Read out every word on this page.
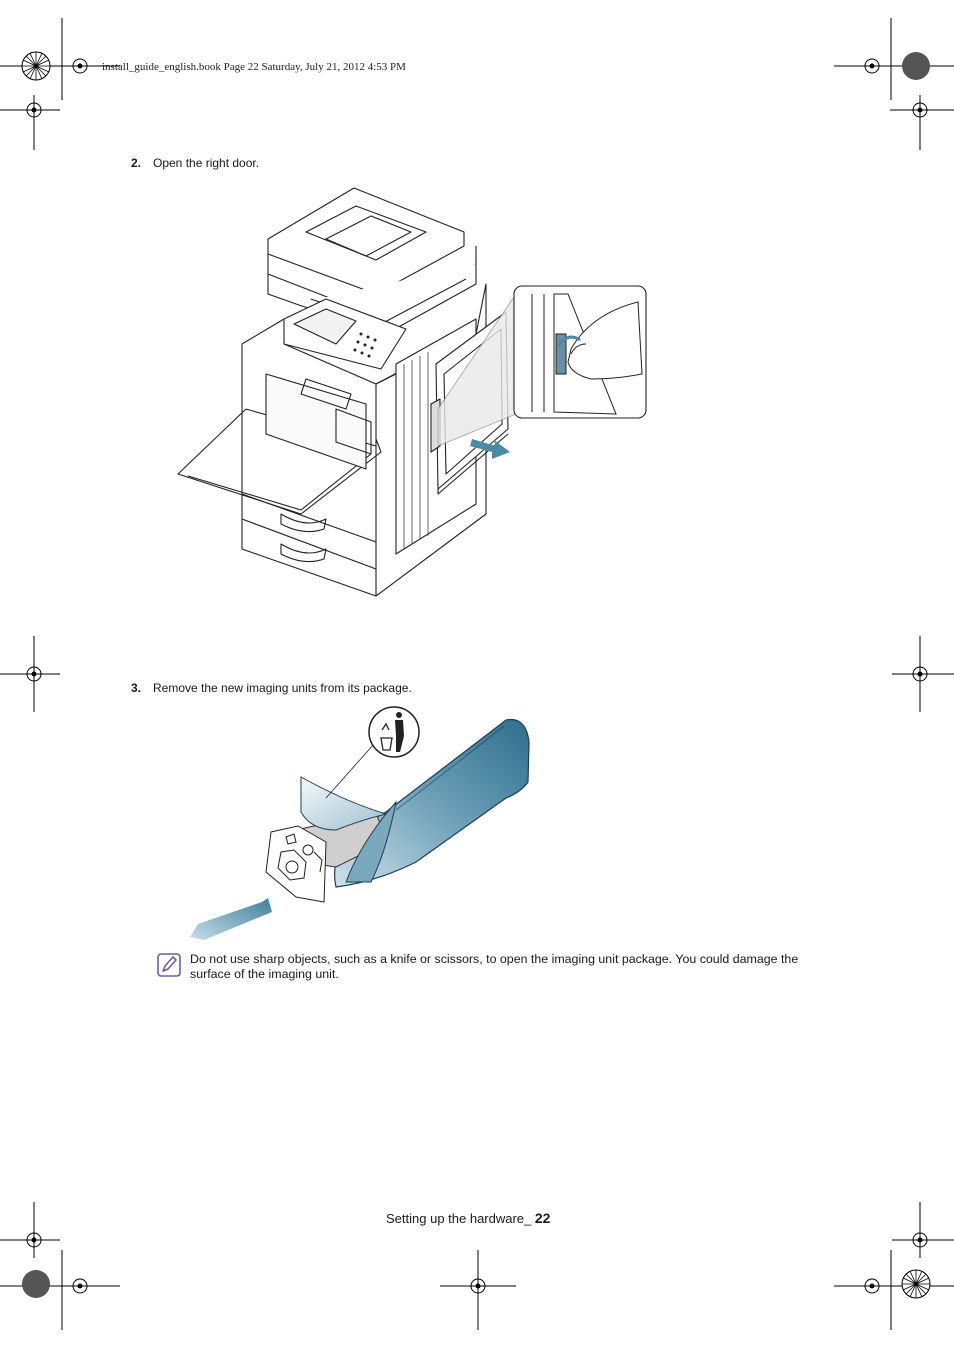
install_guide_english.book Page 22 Saturday, July 21, 2012 4:53 PM
2. Open the right door.
3. Remove the new imaging units from its package.
Do not use sharp objects, such as a knife or scissors, to open the imaging unit package. You could damage the surface of the imaging unit.
Setting up the hardware_ 22
